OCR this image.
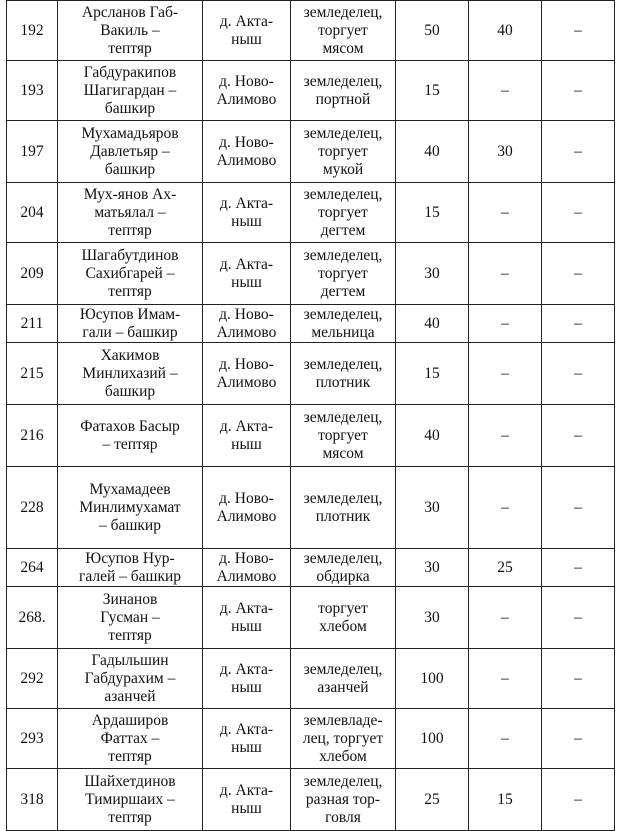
192	Арсланов Габ-
Вакиль –
тептяр	д. Акта-
ныш	земледелец,
торгует
мясом	50	40	–
193	Габдуракипов
Шагигардан –
башкир	д. Ново-
Алимово	земледелец,
портной	15	–	–
197	Мухамадьяров
Давлетьяр –
башкир	д. Ново-
Алимово	земледелец,
торгует
мукой	40	30	–
204	Мух-янов Ах-
матьялал –
тептяр	д. Акта-
ныш	земледелец,
торгует
дегтем	15	–	–
209	Шагабутдинов
Сахибгарей –
тептяр	д. Акта-
ныш	земледелец,
торгует
дегтем	30	–	–
211	Юсупов Имам-
гали – башкир	д. Ново-
Алимово	земледелец,
мельница	40	–	–
215	Хакимов
Минлихазий –
башкир	д. Ново-
Алимово	земледелец,
плотник	15	–	–
216	Фатахов Басыр
– тептяр	д. Акта-
ныш	земледелец,
торгует
мясом	40	–	–
228	Мухамадеев
Минлимухамат
– башкир	д. Ново-
Алимово	земледелец,
плотник	30	–	–
264	Юсупов Нур-
галей – башкир	д. Ново-
Алимово	земледелец,
обдирка	30	25	–
268.	Зинанов
Гусман –
тептяр	д. Акта-
ныш	торгует
хлебом	30	–	–
292	Гадыльшин
Габдурахим –
азанчей	д. Акта-
ныш	земледелец,
азанчей	100	–	–
293	Ардаширов
Фаттах –
тептяр	д. Акта-
ныш	землевладе-
лец, торгует
хлебом	100	–	–
318	Шайхетдинов
Тимиршаих –
тептяр	д. Акта-
ныш	земледелец,
разная тор-
говля	25	15	–
